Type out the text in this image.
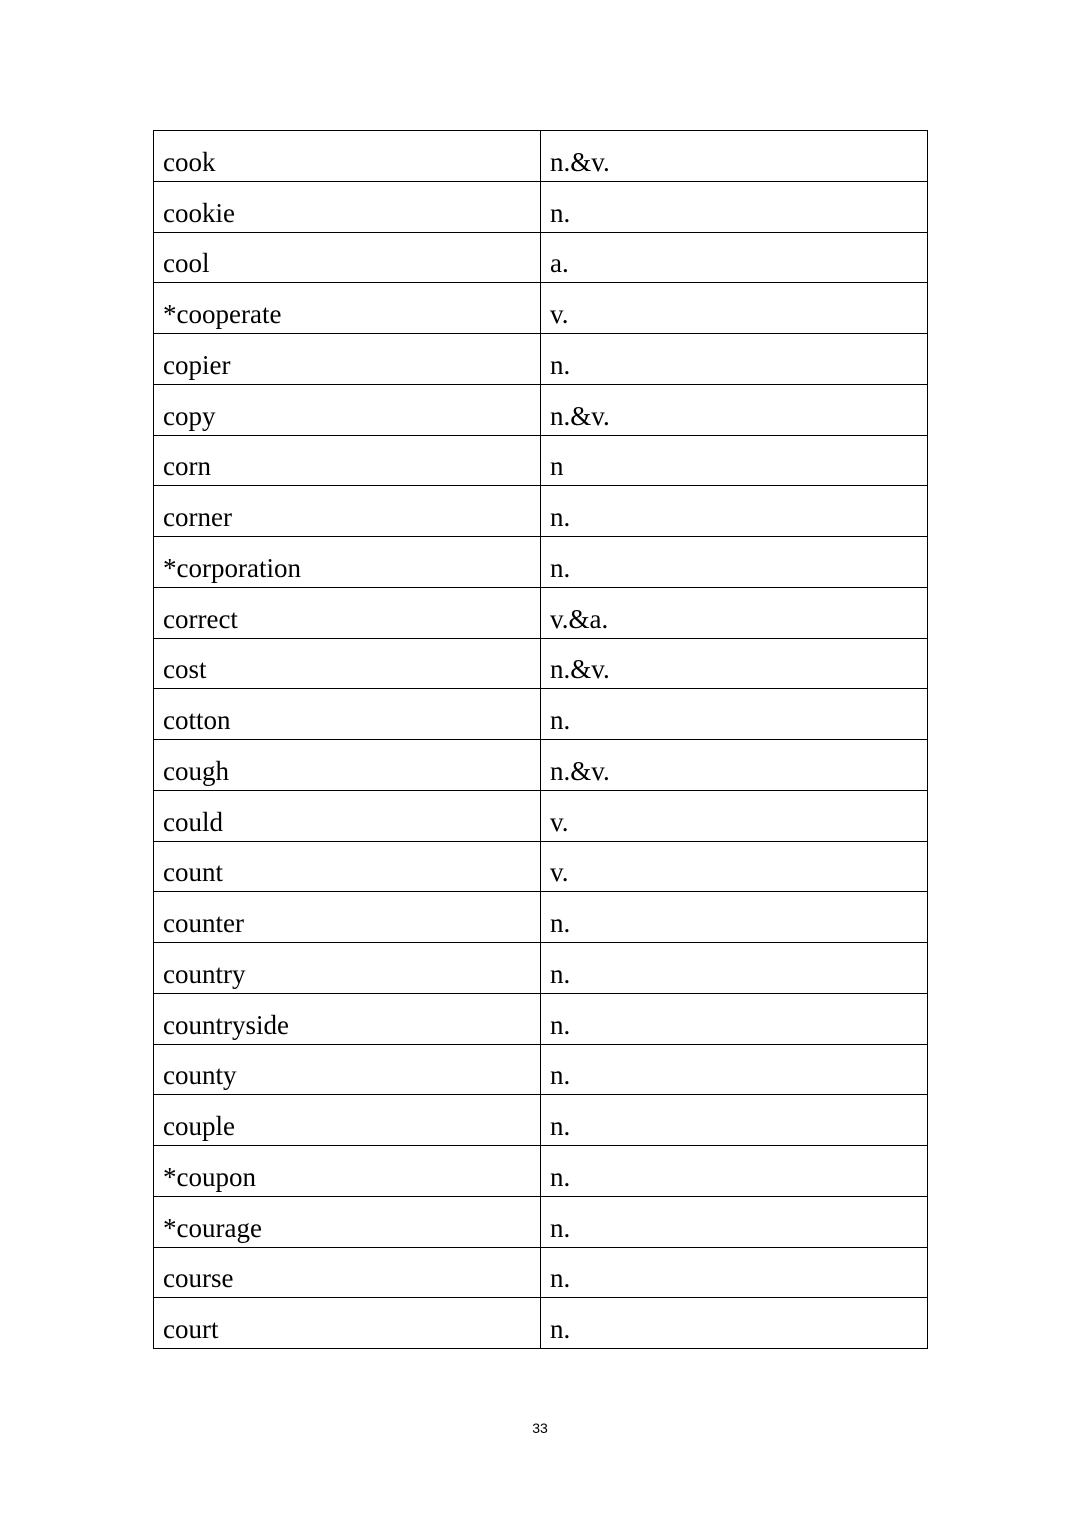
cook	n.&v.
cookie	n.
cool	a.
*cooperate	v.
copier	n.
copy	n.&v.
corn	n
corner	n.
*corporation	n.
correct	v.&a.
cost	n.&v.
cotton	n.
cough	n.&v.
could	v.
count	v.
counter	n.
country	n.
countryside	n.
county	n.
couple	n.
*coupon	n.
*courage	n.
course	n.
court	n.
33
